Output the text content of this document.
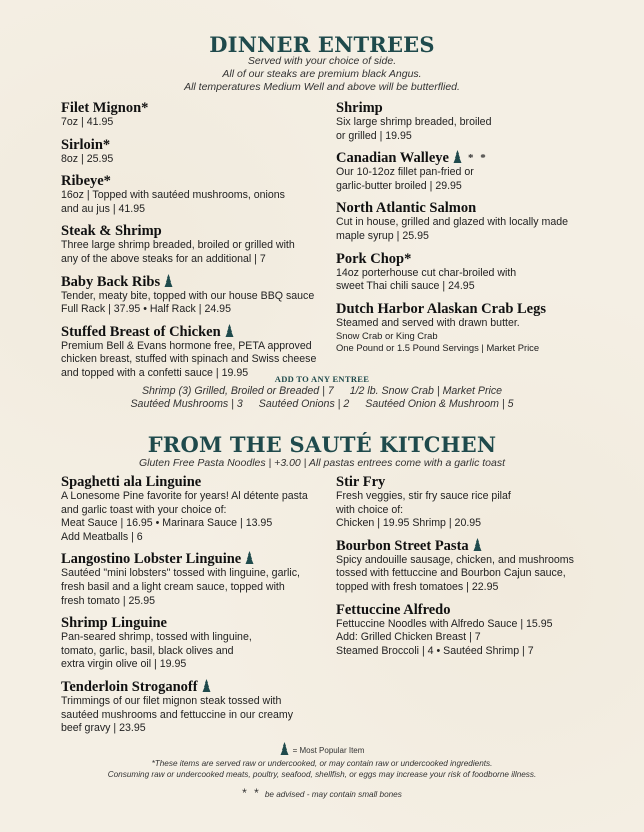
DINNER ENTREES
Served with your choice of side.
All of our steaks are premium black Angus.
All temperatures Medium Well and above will be butterflied.
Filet Mignon*
7oz | 41.95
Sirloin*
8oz | 25.95
Ribeye*
16oz | Topped with sautéed mushrooms, onions
and au jus | 41.95
Steak & Shrimp
Three large shrimp breaded, broiled or grilled with
any of the above steaks for an additional | 7
Baby Back Ribs
Tender, meaty bite, topped with our house BBQ sauce
Full Rack | 37.95 • Half Rack | 24.95
Stuffed Breast of Chicken
Premium Bell & Evans hormone free, PETA approved
chicken breast, stuffed with spinach and Swiss cheese
and topped with a confetti sauce | 19.95
Shrimp
Six large shrimp breaded, broiled
or grilled | 19.95
Canadian Walleye * *
Our 10-12oz fillet pan-fried or
garlic-butter broiled | 29.95
North Atlantic Salmon
Cut in house, grilled and glazed with locally made
maple syrup | 25.95
Pork Chop*
14oz porterhouse cut char-broiled with
sweet Thai chili sauce | 24.95
Dutch Harbor Alaskan Crab Legs
Steamed and served with drawn butter.
Snow Crab or King Crab
One Pound or 1.5 Pound Servings | Market Price
ADD TO ANY ENTREE
Shrimp (3) Grilled, Broiled or Breaded | 7 1/2 lb. Snow Crab | Market Price
Sautéed Mushrooms | 3 Sautéed Onions | 2 Sautéed Onion & Mushroom | 5
FROM THE SAUTÉ KITCHEN
Gluten Free Pasta Noodles | +3.00 | All pastas entrees come with a garlic toast
Spaghetti ala Linguine
A Lonesome Pine favorite for years! Al détente pasta
and garlic toast with your choice of:
Meat Sauce | 16.95 • Marinara Sauce | 13.95
Add Meatballs | 6
Langostino Lobster Linguine
Sautéed "mini lobsters" tossed with linguine, garlic,
fresh basil and a light cream sauce, topped with
fresh tomato | 25.95
Shrimp Linguine
Pan-seared shrimp, tossed with linguine,
tomato, garlic, basil, black olives and
extra virgin olive oil | 19.95
Tenderloin Stroganoff
Trimmings of our filet mignon steak tossed with
sautéed mushrooms and fettuccine in our creamy
beef gravy | 23.95
Stir Fry
Fresh veggies, stir fry sauce rice pilaf
with choice of:
Chicken | 19.95 Shrimp | 20.95
Bourbon Street Pasta
Spicy andouille sausage, chicken, and mushrooms
tossed with fettuccine and Bourbon Cajun sauce,
topped with fresh tomatoes | 22.95
Fettuccine Alfredo
Fettuccine Noodles with Alfredo Sauce | 15.95
Add: Grilled Chicken Breast | 7
Steamed Broccoli | 4 • Sautéed Shrimp | 7
= Most Popular Item
*These items are served raw or undercooked, or may contain raw or undercooked ingredients.
Consuming raw or undercooked meats, poultry, seafood, shellfish, or eggs may increase your risk of foodborne illness.
* * be advised - may contain small bones
